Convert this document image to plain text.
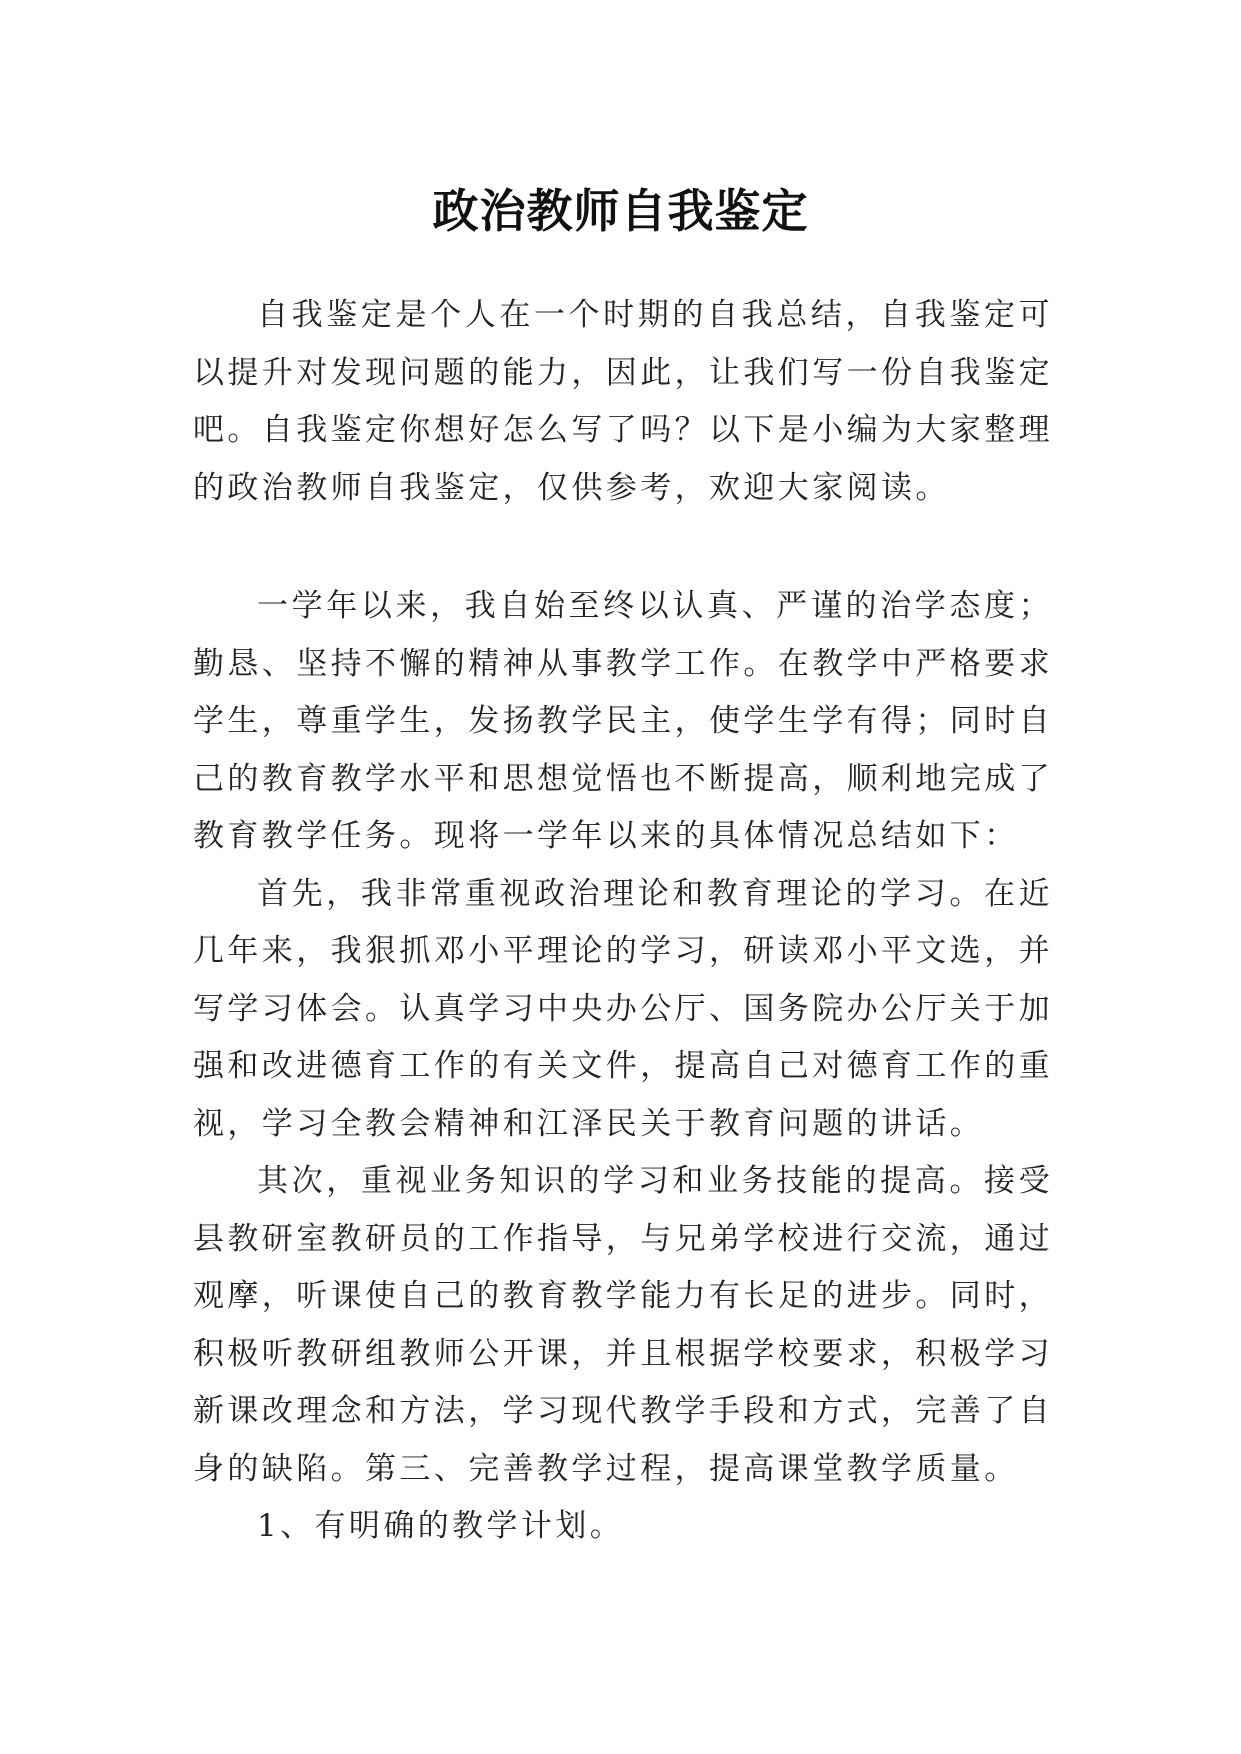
政治教师自我鉴定

自我鉴定是个人在一个时期的自我总结，自我鉴定可以提升对发现问题的能力，因此，让我们写一份自我鉴定吧。自我鉴定你想好怎么写了吗？以下是小编为大家整理的政治教师自我鉴定，仅供参考，欢迎大家阅读。

一学年以来，我自始至终以认真、严谨的治学态度；勤恳、坚持不懈的精神从事教学工作。在教学中严格要求学生，尊重学生，发扬教学民主，使学生学有得；同时自己的教育教学水平和思想觉悟也不断提高，顺利地完成了教育教学任务。现将一学年以来的具体情况总结如下：

首先，我非常重视政治理论和教育理论的学习。在近几年来，我狠抓邓小平理论的学习，研读邓小平文选，并写学习体会。认真学习中央办公厅、国务院办公厅关于加强和改进德育工作的有关文件，提高自己对德育工作的重视，学习全教会精神和江泽民关于教育问题的讲话。

其次，重视业务知识的学习和业务技能的提高。接受县教研室教研员的工作指导，与兄弟学校进行交流，通过观摩，听课使自己的教育教学能力有长足的进步。同时，积极听教研组教师公开课，并且根据学校要求，积极学习新课改理念和方法，学习现代教学手段和方式，完善了自身的缺陷。第三、完善教学过程，提高课堂教学质量。

1、有明确的教学计划。
